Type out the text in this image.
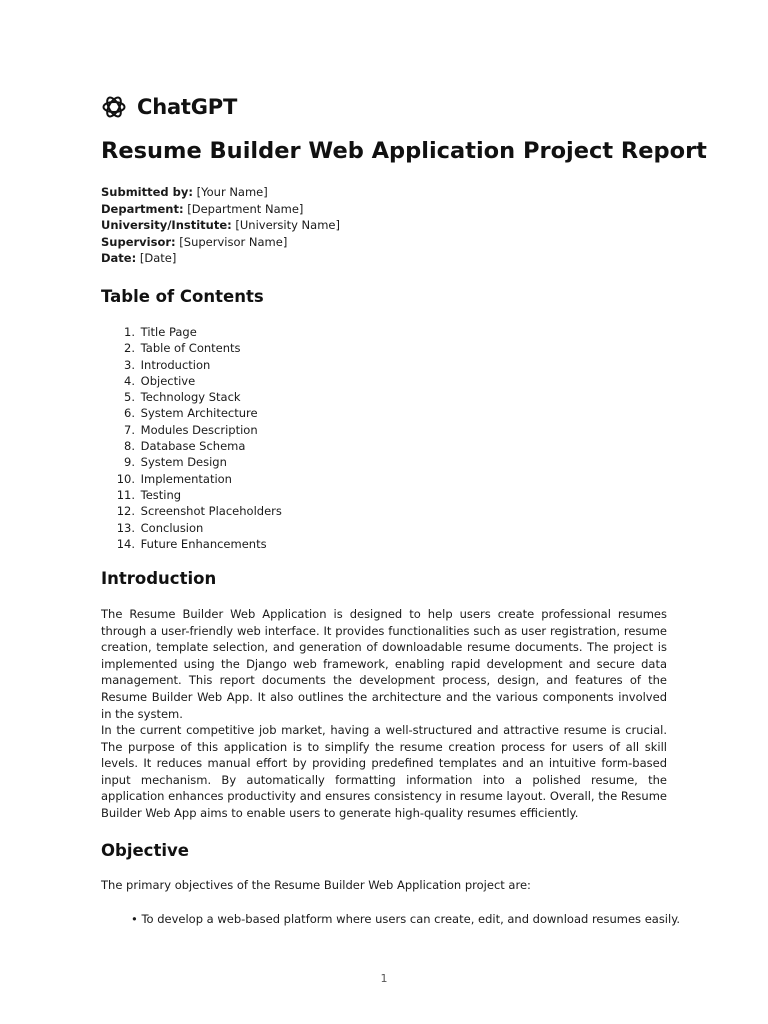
ChatGPT
Resume Builder Web Application Project Report
Submitted by: [Your Name]
Department: [Department Name]
University/Institute: [University Name]
Supervisor: [Supervisor Name]
Date: [Date]
Table of Contents
1.
Title Page
2.
Table of Contents
3.
Introduction
4.
Objective
5.
Technology Stack
6.
System Architecture
7.
Modules Description
8.
Database Schema
9.
System Design
10.
Implementation
11.
Testing
12.
Screenshot Placeholders
13.
Conclusion
14.
Future Enhancements
Introduction

The Resume Builder Web Application is designed to help users create professional resumes through a user-friendly web interface. It provides functionalities such as user registration, resume creation, template selection, and generation of downloadable resume documents. The project is implemented using the Django web framework, enabling rapid development and secure data management. This report documents the development process, design, and features of the Resume Builder Web App. It also outlines the architecture and the various components involved in the system.

In the current competitive job market, having a well-structured and attractive resume is crucial. The purpose of this application is to simplify the resume creation process for users of all skill levels. It reduces manual effort by providing predefined templates and an intuitive form-based input mechanism. By automatically formatting information into a polished resume, the application enhances productivity and ensures consistency in resume layout. Overall, the Resume Builder Web App aims to enable users to generate high-quality resumes efficiently.

Objective

The primary objectives of the Resume Builder Web Application project are:

• To develop a web-based platform where users can create, edit, and download resumes easily.
1
